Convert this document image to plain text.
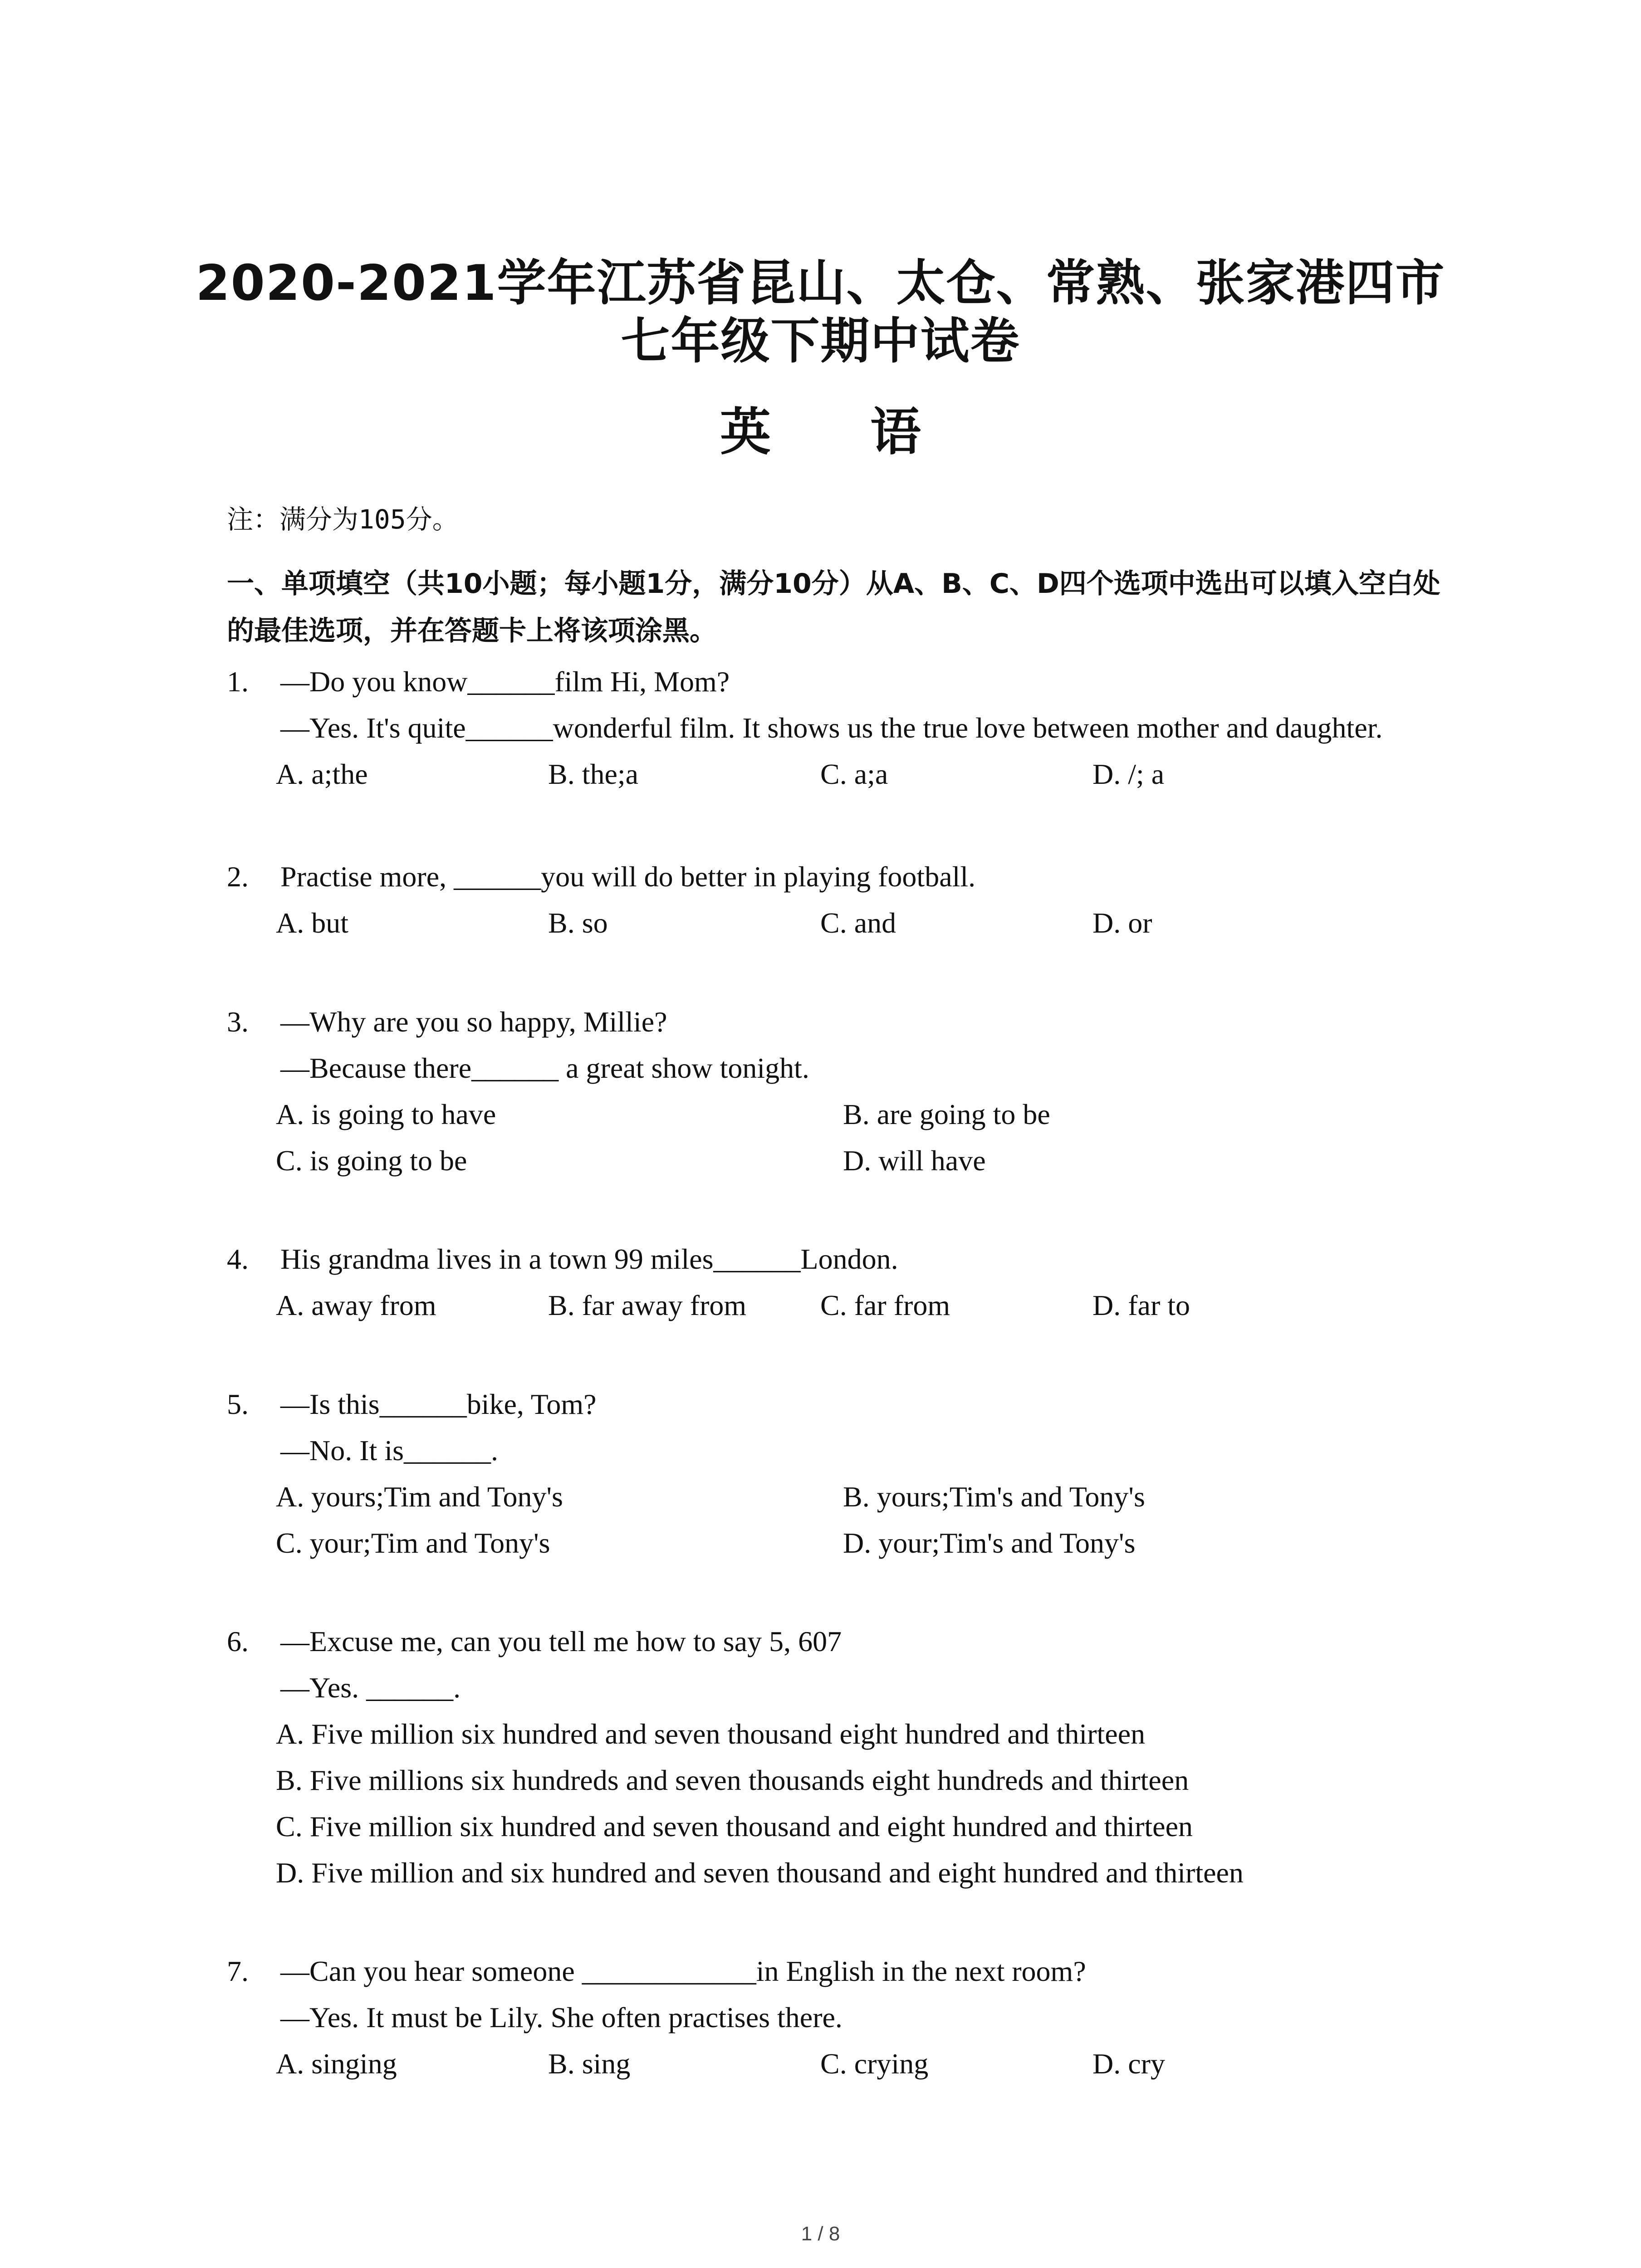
2020-2021学年江苏省昆山、太仓、常熟、张家港四市
七年级下期中试卷
英 语
注：满分为105分。
一、单项填空（共10小题；每小题1分，满分10分）从A、B、C、D四个选项中选出可以填入空白处的最佳选项，并在答题卡上将该项涂黑。
1. —Do you know______film Hi, Mom?
—Yes. It's quite______wonderful film. It shows us the true love between mother and daughter.
A. a;the	B. the;a	C. a;a	D. /; a
2. Practise more, ______you will do better in playing football.
A. but	B. so	C. and	D. or
3. —Why are you so happy, Millie?
—Because there______ a great show tonight.
A. is going to have	B. are going to be
C. is going to be	D. will have
4. His grandma lives in a town 99 miles______London.
A. away from	B. far away from	C. far from	D. far to
5. —Is this______bike, Tom?
—No. It is______.
A. yours;Tim and Tony's	B. yours;Tim's and Tony's
C. your;Tim and Tony's	D. your;Tim's and Tony's
6. —Excuse me, can you tell me how to say 5, 607
—Yes. ______.
A. Five million six hundred and seven thousand eight hundred and thirteen
B. Five millions six hundreds and seven thousands eight hundreds and thirteen
C. Five million six hundred and seven thousand and eight hundred and thirteen
D. Five million and six hundred and seven thousand and eight hundred and thirteen
7. —Can you hear someone ____________in English in the next room?
—Yes. It must be Lily. She often practises there.
A. singing	B. sing	C. crying	D. cry
1 / 8
